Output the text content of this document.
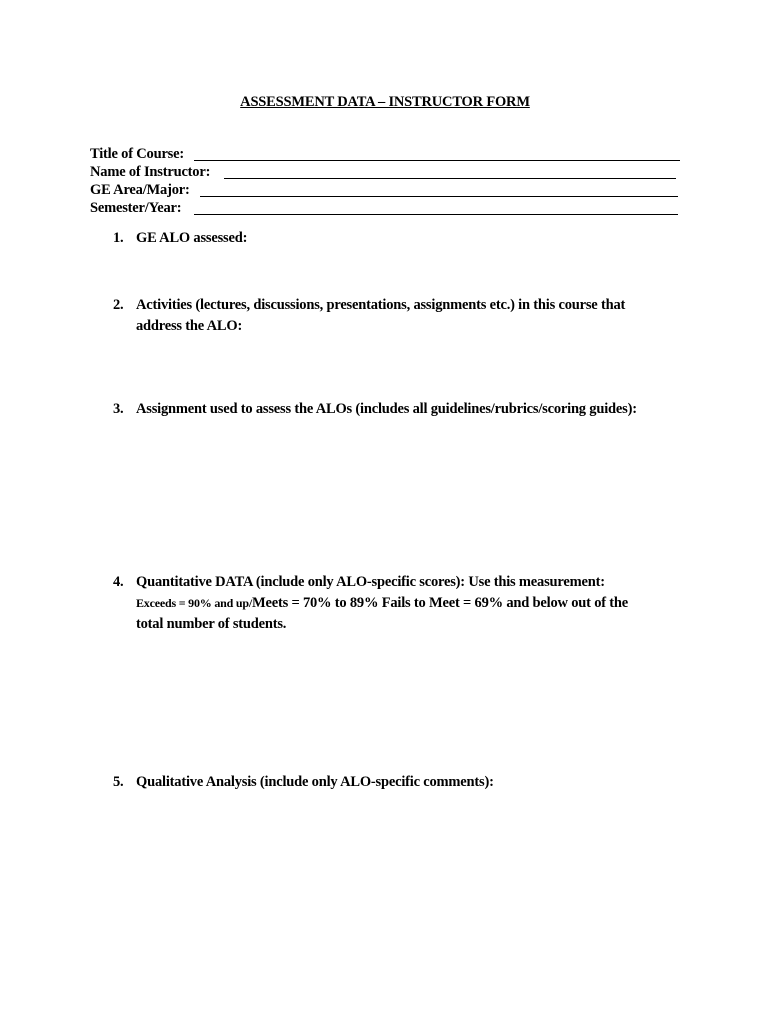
ASSESSMENT DATA – INSTRUCTOR FORM
Title of Course:
Name of Instructor:
GE Area/Major:
Semester/Year:
1. GE ALO assessed:
2. Activities (lectures, discussions, presentations, assignments etc.) in this course that
address the ALO:
3. Assignment used to assess the ALOs (includes all guidelines/rubrics/scoring guides):
4. Quantitative DATA (include only ALO-specific scores): Use this measurement:
Exceeds = 90% and up/Meets = 70% to 89% Fails to Meet = 69% and below out of the
total number of students.
5. Qualitative Analysis (include only ALO-specific comments):
